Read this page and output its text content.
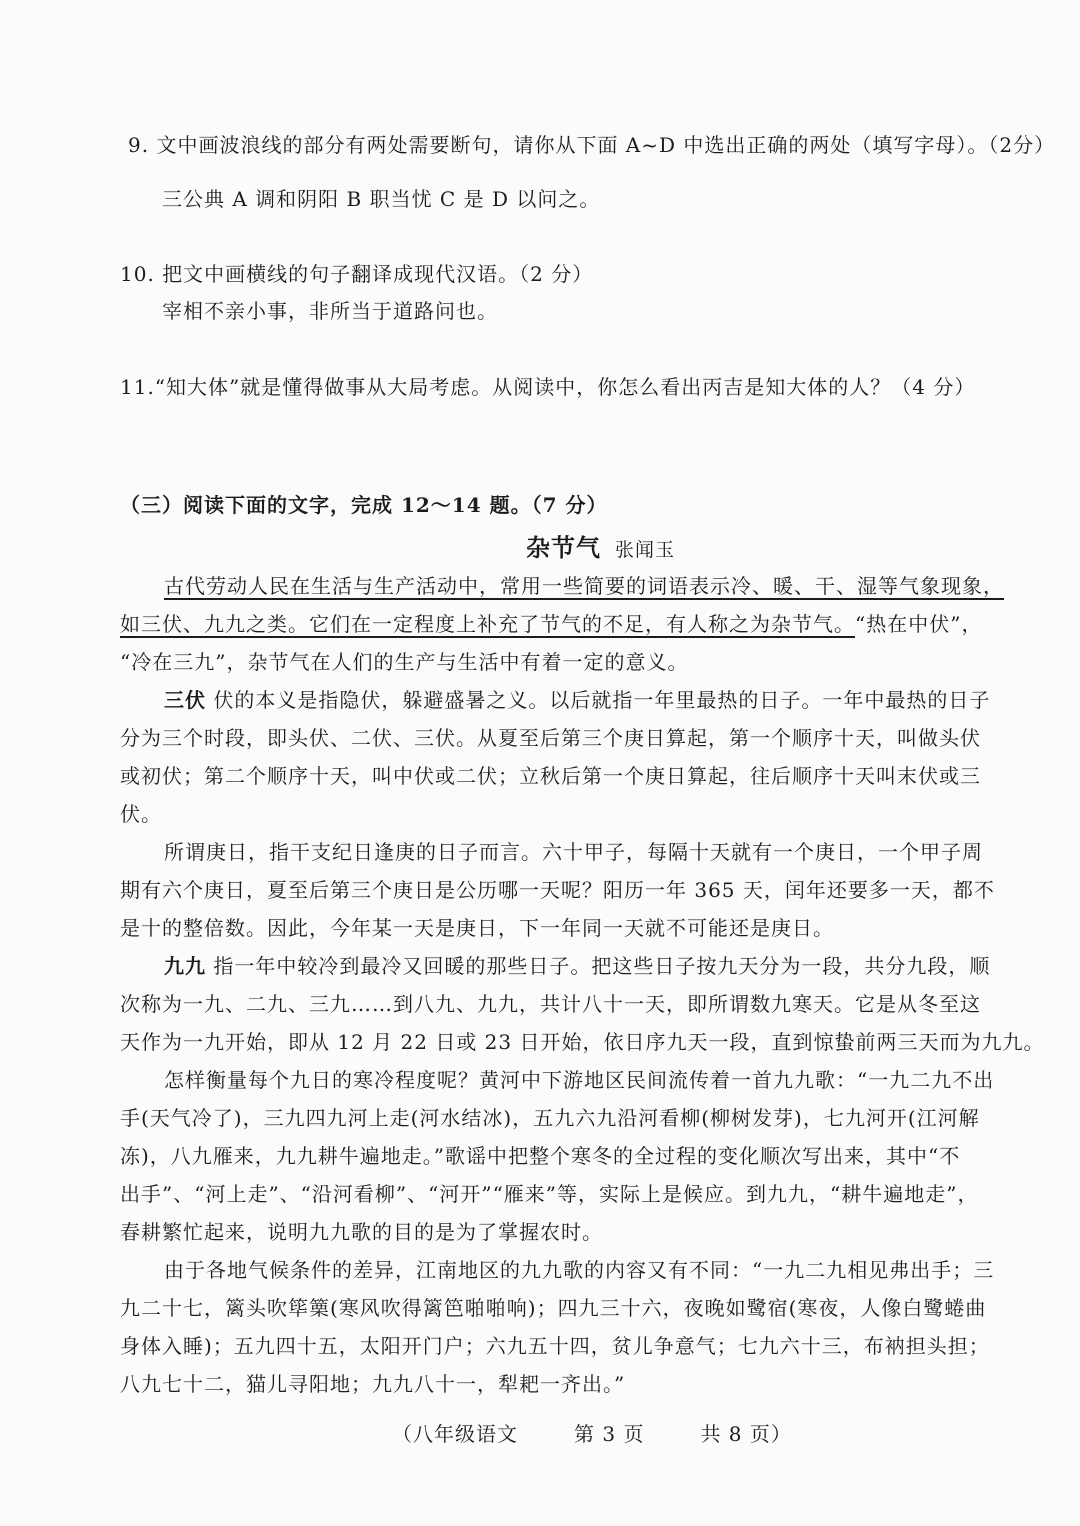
9. 文中画波浪线的部分有两处需要断句，请你从下面 A~D 中选出正确的两处（填写字母）。（2分）
三公典 A 调和阴阳 B 职当忧 C 是 D 以问之。
10. 把文中画横线的句子翻译成现代汉语。（2 分）
宰相不亲小事，非所当于道路问也。
11.“知大体”就是懂得做事从大局考虑。从阅读中，你怎么看出丙吉是知大体的人？（4 分）
（三）阅读下面的文字，完成 12～14 题。（7 分）
杂节气 张闻玉
古代劳动人民在生活与生产活动中，常用一些简要的词语表示冷、暖、干、湿等气象现象，
如三伏、九九之类。它们在一定程度上补充了节气的不足，有人称之为杂节气。“热在中伏”，
“冷在三九”，杂节气在人们的生产与生活中有着一定的意义。
三伏 伏的本义是指隐伏，躲避盛暑之义。以后就指一年里最热的日子。一年中最热的日子
分为三个时段，即头伏、二伏、三伏。从夏至后第三个庚日算起，第一个顺序十天，叫做头伏
或初伏；第二个顺序十天，叫中伏或二伏；立秋后第一个庚日算起，往后顺序十天叫末伏或三
伏。
所谓庚日，指干支纪日逢庚的日子而言。六十甲子，每隔十天就有一个庚日，一个甲子周
期有六个庚日，夏至后第三个庚日是公历哪一天呢？阳历一年 365 天，闰年还要多一天，都不
是十的整倍数。因此，今年某一天是庚日，下一年同一天就不可能还是庚日。
九九 指一年中较冷到最冷又回暖的那些日子。把这些日子按九天分为一段，共分九段，顺
次称为一九、二九、三九……到八九、九九，共计八十一天，即所谓数九寒天。它是从冬至这
天作为一九开始，即从 12 月 22 日或 23 日开始，依日序九天一段，直到惊蛰前两三天而为九九。
怎样衡量每个九日的寒冷程度呢？黄河中下游地区民间流传着一首九九歌：“一九二九不出
手(天气冷了)，三九四九河上走(河水结冰)，五九六九沿河看柳(柳树发芽)，七九河开(江河解
冻)，八九雁来，九九耕牛遍地走。”歌谣中把整个寒冬的全过程的变化顺次写出来，其中“不
出手”、“河上走”、“沿河看柳”、“河开”“雁来”等，实际上是候应。到九九，“耕牛遍地走”，
春耕繁忙起来，说明九九歌的目的是为了掌握农时。
由于各地气候条件的差异，江南地区的九九歌的内容又有不同：“一九二九相见弗出手；三
九二十七，篱头吹筚篥(寒风吹得篱笆啪啪响)；四九三十六，夜晚如鹭宿(寒夜，人像白鹭蜷曲
身体入睡)；五九四十五，太阳开门户；六九五十四，贫儿争意气；七九六十三，布衲担头担；
八九七十二，猫儿寻阳地；九九八十一，犁耙一齐出。”
（八年级语文	第 3 页	共 8 页）
